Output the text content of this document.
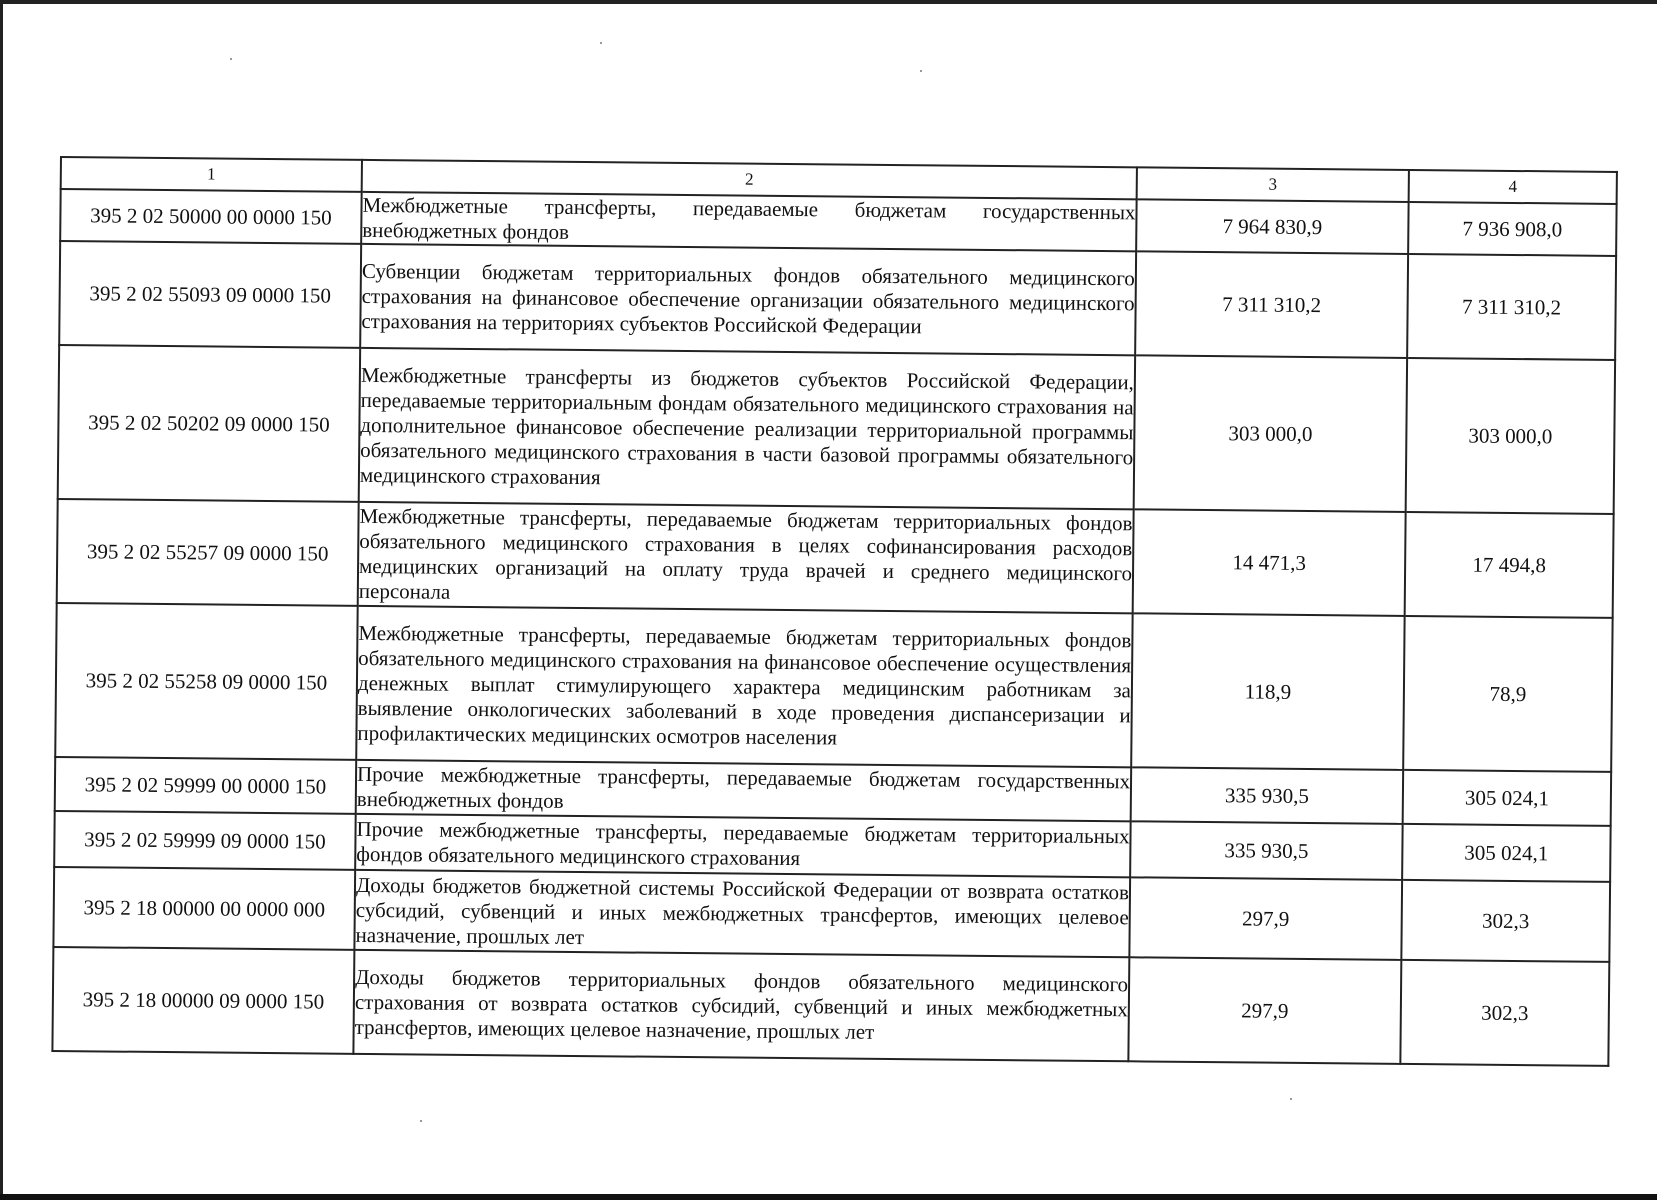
1	2	3	4
395 2 02 50000 00 0000 150	Межбюджетные трансферты, передаваемые бюджетам государственных внебюджетных фондов	7 964 830,9	7 936 908,0
395 2 02 55093 09 0000 150	Субвенции бюджетам территориальных фондов обязательного медицинского страхования на финансовое обеспечение организации обязательного медицинского страхования на территориях субъектов Российской Федерации	7 311 310,2	7 311 310,2
395 2 02 50202 09 0000 150	Межбюджетные трансферты из бюджетов субъектов Российской Федерации, передаваемые территориальным фондам обязательного медицинского страхования на дополнительное финансовое обеспечение реализации территориальной программы обязательного медицинского страхования в части базовой программы обязательного медицинского страхования	303 000,0	303 000,0
395 2 02 55257 09 0000 150	Межбюджетные трансферты, передаваемые бюджетам территориальных фондов обязательного медицинского страхования в целях софинансирования расходов медицинских организаций на оплату труда врачей и среднего медицинского персонала	14 471,3	17 494,8
395 2 02 55258 09 0000 150	Межбюджетные трансферты, передаваемые бюджетам территориальных фондов обязательного медицинского страхования на финансовое обеспечение осуществления денежных выплат стимулирующего характера медицинским работникам за выявление онкологических заболеваний в ходе проведения диспансеризации и профилактических медицинских осмотров населения	118,9	78,9
395 2 02 59999 00 0000 150	Прочие межбюджетные трансферты, передаваемые бюджетам государственных внебюджетных фондов	335 930,5	305 024,1
395 2 02 59999 09 0000 150	Прочие межбюджетные трансферты, передаваемые бюджетам территориальных фондов обязательного медицинского страхования	335 930,5	305 024,1
395 2 18 00000 00 0000 000	Доходы бюджетов бюджетной системы Российской Федерации от возврата остатков субсидий, субвенций и иных межбюджетных трансфертов, имеющих целевое назначение, прошлых лет	297,9	302,3
395 2 18 00000 09 0000 150	Доходы бюджетов территориальных фондов обязательного медицинского страхования от возврата остатков субсидий, субвенций и иных межбюджетных трансфертов, имеющих целевое назначение, прошлых лет	297,9	302,3
